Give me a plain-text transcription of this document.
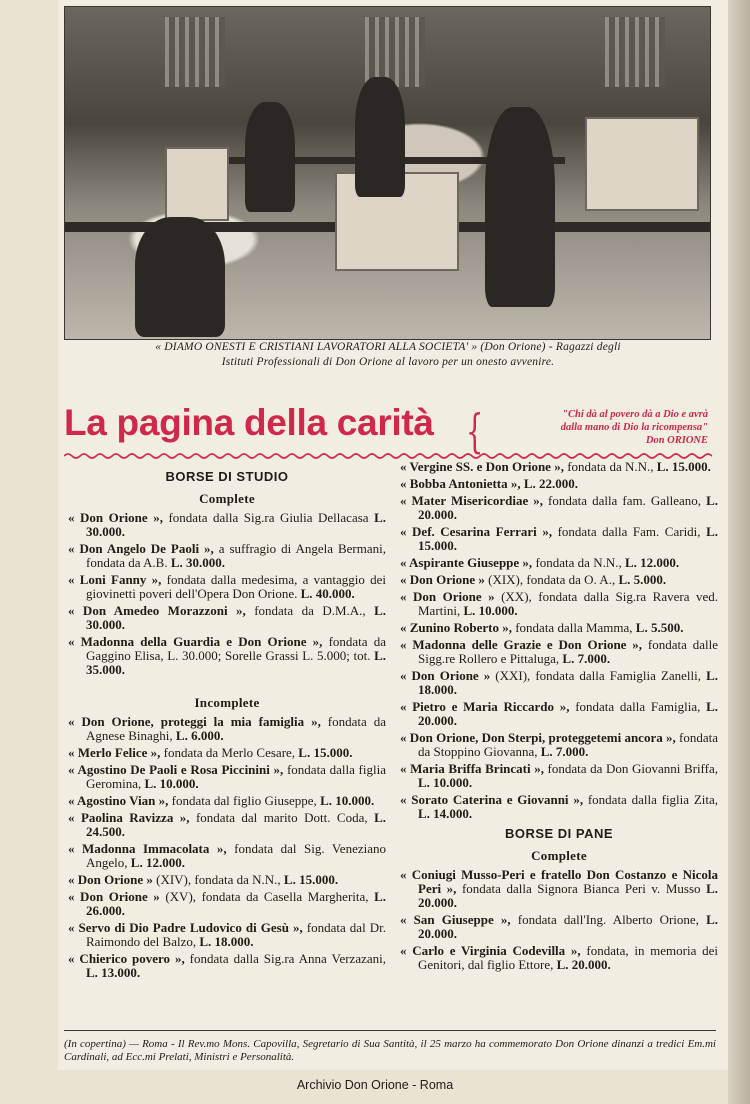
« DIAMO ONESTI E CRISTIANI LAVORATORI ALLA SOCIETA' » (Don Orione) - Ragazzi degli
Istituti Professionali di Don Orione al lavoro per un onesto avvenire.
La pagina della carità {	"Chi dà al povero dà a Dio e avrà
dalla mano di Dio la ricompensa"
Don ORIONE
BORSE DI STUDIO
Complete
« Don Orione », fondata dalla Sig.ra Giulia Dellacasa L. 30.000.
« Don Angelo De Paoli », a suffragio di Angela Bermani, fondata da A.B. L. 30.000.
« Loni Fanny », fondata dalla medesima, a vantaggio dei giovinetti poveri dell'Opera Don Orione. L. 40.000.
« Don Amedeo Morazzoni », fondata da D.M.A., L. 30.000.
« Madonna della Guardia e Don Orione », fondata da Gaggino Elisa, L. 30.000; Sorelle Grassi L. 5.000; tot. L. 35.000.
Incomplete
« Don Orione, proteggi la mia famiglia », fondata da Agnese Binaghi, L. 6.000.
« Merlo Felice », fondata da Merlo Cesare, L. 15.000.
« Agostino De Paoli e Rosa Piccinini », fondata dalla figlia Geromina, L. 10.000.
« Agostino Vian », fondata dal figlio Giuseppe, L. 10.000.
« Paolina Ravizza », fondata dal marito Dott. Coda, L. 24.500.
« Madonna Immacolata », fondata dal Sig. Veneziano Angelo, L. 12.000.
« Don Orione » (XIV), fondata da N.N., L. 15.000.
« Don Orione » (XV), fondata da Casella Margherita, L. 26.000.
« Servo di Dio Padre Ludovico di Gesù », fondata dal Dr. Raimondo del Balzo, L. 18.000.
« Chierico povero », fondata dalla Sig.ra Anna Verzazani, L. 13.000.
« Vergine SS. e Don Orione », fondata da N.N., L. 15.000.
« Bobba Antonietta », L. 22.000.
« Mater Misericordiae », fondata dalla fam. Galleano, L. 20.000.
« Def. Cesarina Ferrari », fondata dalla Fam. Caridi, L. 15.000.
« Aspirante Giuseppe », fondata da N.N., L. 12.000.
« Don Orione » (XIX), fondata da O. A., L. 5.000.
« Don Orione » (XX), fondata dalla Sig.ra Ravera ved. Martini, L. 10.000.
« Zunino Roberto », fondata dalla Mamma, L. 5.500.
« Madonna delle Grazie e Don Orione », fondata dalle Sigg.re Rollero e Pittaluga, L. 7.000.
« Don Orione » (XXI), fondata dalla Famiglia Zanelli, L. 18.000.
« Pietro e Maria Riccardo », fondata dalla Famiglia, L. 20.000.
« Don Orione, Don Sterpi, proteggetemi ancora », fondata da Stoppino Giovanna, L. 7.000.
« Maria Briffa Brincati », fondata da Don Giovanni Briffa, L. 10.000.
« Sorato Caterina e Giovanni », fondata dalla figlia Zita, L. 14.000.
BORSE DI PANE
Complete
« Coniugi Musso-Peri e fratello Don Costanzo e Nicola Peri », fondata dalla Signora Bianca Peri v. Musso L. 20.000.
« San Giuseppe », fondata dall'Ing. Alberto Orione, L. 20.000.
« Carlo e Virginia Codevilla », fondata, in memoria dei Genitori, dal figlio Ettore, L. 20.000.
(In copertina) — Roma - Il Rev.mo Mons. Capovilla, Segretario di Sua Santità, il 25 marzo ha commemorato Don Orione dinanzi a tredici Em.mi Cardinali, ad Ecc.mi Prelati, Ministri e Personalità.
Archivio Don Orione - Roma
